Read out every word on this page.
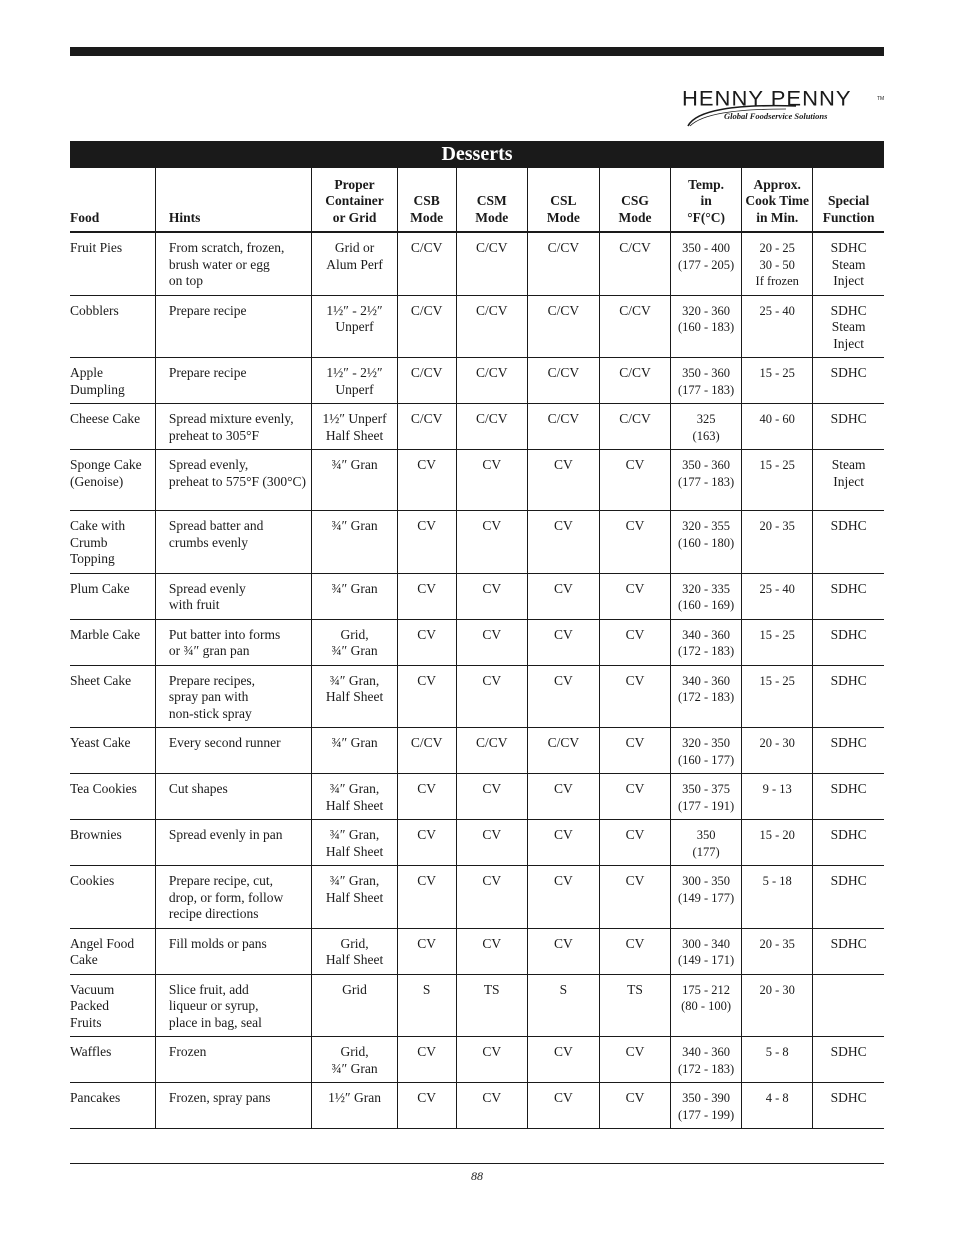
HENNY PENNY	TM
Global Foodservice Solutions
Desserts
Food	Hints	Proper
Container
or Grid	CSB
Mode	CSM
Mode	CSL
Mode	CSG
Mode	Temp.
in
°F(°C)	Approx.
Cook Time
in Min.	Special
Function
Fruit Pies	From scratch, frozen,
brush water or egg
on top	Grid or
Alum Perf	C/CV	C/CV	C/CV	C/CV	350 - 400
(177 - 205)	20 - 25
30 - 50
If frozen	SDHC
Steam
Inject
Cobblers	Prepare recipe	1½″ - 2½″
Unperf	C/CV	C/CV	C/CV	C/CV	320 - 360
(160 - 183)	25 - 40	SDHC
Steam
Inject
Apple
Dumpling	Prepare recipe	1½″ - 2½″
Unperf	C/CV	C/CV	C/CV	C/CV	350 - 360
(177 - 183)	15 - 25	SDHC
Cheese Cake	Spread mixture evenly,
preheat to 305°F	1½″ Unperf
Half Sheet	C/CV	C/CV	C/CV	C/CV	325
(163)	40 - 60	SDHC
Sponge Cake
(Genoise)	Spread evenly,
preheat to 575°F (300°C)	¾″ Gran	CV	CV	CV	CV	350 - 360
(177 - 183)	15 - 25	Steam
Inject
Cake with
Crumb
Topping	Spread batter and
crumbs evenly	¾″ Gran	CV	CV	CV	CV	320 - 355
(160 - 180)	20 - 35	SDHC
Plum Cake	Spread evenly
with fruit	¾″ Gran	CV	CV	CV	CV	320 - 335
(160 - 169)	25 - 40	SDHC
Marble Cake	Put batter into forms
or ¾″ gran pan	Grid,
¾″ Gran	CV	CV	CV	CV	340 - 360
(172 - 183)	15 - 25	SDHC
Sheet Cake	Prepare recipes,
spray pan with
non-stick spray	¾″ Gran,
Half Sheet	CV	CV	CV	CV	340 - 360
(172 - 183)	15 - 25	SDHC
Yeast Cake	Every second runner	¾″ Gran	C/CV	C/CV	C/CV	CV	320 - 350
(160 - 177)	20 - 30	SDHC
Tea Cookies	Cut shapes	¾″ Gran,
Half Sheet	CV	CV	CV	CV	350 - 375
(177 - 191)	9 - 13	SDHC
Brownies	Spread evenly in pan	¾″ Gran,
Half Sheet	CV	CV	CV	CV	350
(177)	15 - 20	SDHC
Cookies	Prepare recipe, cut,
drop, or form, follow
recipe directions	¾″ Gran,
Half Sheet	CV	CV	CV	CV	300 - 350
(149 - 177)	5 - 18	SDHC
Angel Food
Cake	Fill molds or pans	Grid,
Half Sheet	CV	CV	CV	CV	300 - 340
(149 - 171)	20 - 35	SDHC
Vacuum
Packed
Fruits	Slice fruit, add
liqueur or syrup,
place in bag, seal	Grid	S	TS	S	TS	175 - 212
(80 - 100)	20 - 30	
Waffles	Frozen	Grid,
¾″ Gran	CV	CV	CV	CV	340 - 360
(172 - 183)	5 - 8	SDHC
Pancakes	Frozen, spray pans	1½″ Gran	CV	CV	CV	CV	350 - 390
(177 - 199)	4 - 8	SDHC
88
